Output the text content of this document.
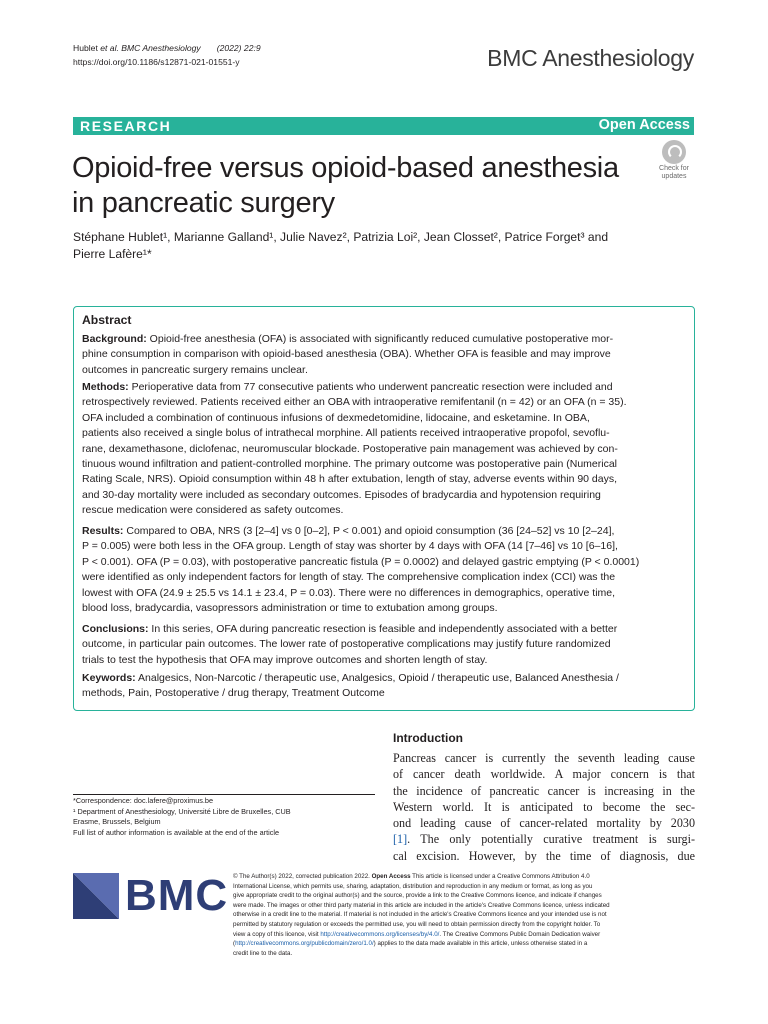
Hublet et al. BMC Anesthesiology (2022) 22:9
https://doi.org/10.1186/s12871-021-01551-y	BMC Anesthesiology
RESEARCH	Open Access
Opioid-free versus opioid-based anesthesia
in pancreatic surgery
Check for
updates
Stéphane Hublet¹, Marianne Galland¹, Julie Navez², Patrizia Loi², Jean Closset², Patrice Forget³ and
Pierre Lafère¹*
Abstract
Background: Opioid-free anesthesia (OFA) is associated with significantly reduced cumulative postoperative mor-
phine consumption in comparison with opioid-based anesthesia (OBA). Whether OFA is feasible and may improve
outcomes in pancreatic surgery remains unclear.
Methods: Perioperative data from 77 consecutive patients who underwent pancreatic resection were included and
retrospectively reviewed. Patients received either an OBA with intraoperative remifentanil (n = 42) or an OFA (n = 35).
OFA included a combination of continuous infusions of dexmedetomidine, lidocaine, and esketamine. In OBA,
patients also received a single bolus of intrathecal morphine. All patients received intraoperative propofol, sevoflu-
rane, dexamethasone, diclofenac, neuromuscular blockade. Postoperative pain management was achieved by con-
tinuous wound infiltration and patient-controlled morphine. The primary outcome was postoperative pain (Numerical
Rating Scale, NRS). Opioid consumption within 48 h after extubation, length of stay, adverse events within 90 days,
and 30-day mortality were included as secondary outcomes. Episodes of bradycardia and hypotension requiring
rescue medication were considered as safety outcomes.
Results: Compared to OBA, NRS (3 [2–4] vs 0 [0–2], P < 0.001) and opioid consumption (36 [24–52] vs 10 [2–24],
P = 0.005) were both less in the OFA group. Length of stay was shorter by 4 days with OFA (14 [7–46] vs 10 [6–16],
P < 0.001). OFA (P = 0.03), with postoperative pancreatic fistula (P = 0.0002) and delayed gastric emptying (P < 0.0001)
were identified as only independent factors for length of stay. The comprehensive complication index (CCI) was the
lowest with OFA (24.9 ± 25.5 vs 14.1 ± 23.4, P = 0.03). There were no differences in demographics, operative time,
blood loss, bradycardia, vasopressors administration or time to extubation among groups.
Conclusions: In this series, OFA during pancreatic resection is feasible and independently associated with a better
outcome, in particular pain outcomes. The lower rate of postoperative complications may justify future randomized
trials to test the hypothesis that OFA may improve outcomes and shorten length of stay.
Keywords: Analgesics, Non-Narcotic / therapeutic use, Analgesics, Opioid / therapeutic use, Balanced Anesthesia /
methods, Pain, Postoperative / drug therapy, Treatment Outcome
Introduction
Pancreas cancer is currently the seventh leading cause
of cancer death worldwide. A major concern is that
the incidence of pancreatic cancer is increasing in the
Western world. It is anticipated to become the sec-
ond leading cause of cancer-related mortality by 2030
[1]. The only potentially curative treatment is surgi-
cal excision. However, by the time of diagnosis, due
*Correspondence: doc.lafere@proximus.be
¹ Department of Anesthesiology, Université Libre de Bruxelles, CUB
Erasme, Brussels, Belgium
Full list of author information is available at the end of the article
BMC © The Author(s) 2022, corrected publication 2022. Open Access This article is licensed under a Creative Commons Attribution 4.0
International License, which permits use, sharing, adaptation, distribution and reproduction in any medium or format, as long as you
give appropriate credit to the original author(s) and the source, provide a link to the Creative Commons licence, and indicate if changes
were made. The images or other third party material in this article are included in the article's Creative Commons licence, unless indicated
otherwise in a credit line to the material. If material is not included in the article's Creative Commons licence and your intended use is not
permitted by statutory regulation or exceeds the permitted use, you will need to obtain permission directly from the copyright holder. To
view a copy of this licence, visit http://creativecommons.org/licenses/by/4.0/. The Creative Commons Public Domain Dedication waiver
(http://creativecommons.org/publicdomain/zero/1.0/) applies to the data made available in this article, unless otherwise stated in a
credit line to the data.
